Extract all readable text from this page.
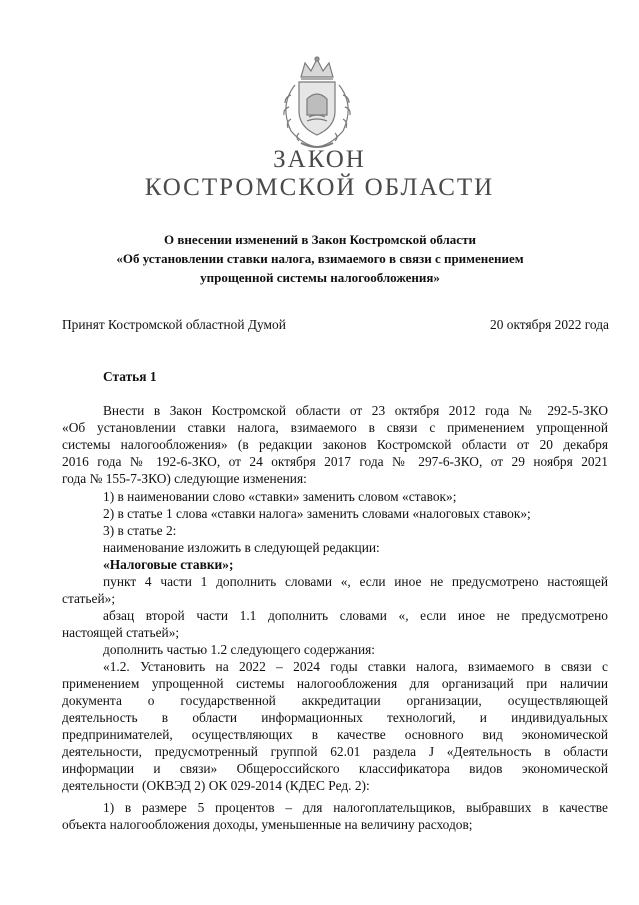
ЗАКОН
КОСТРОМСКОЙ ОБЛАСТИ
О внесении изменений в Закон Костромской области
«Об установлении ставки налога, взимаемого в связи с применением
упрощенной системы налогообложения»
Принят Костромской областной Думой	20 октября 2022 года
Статья 1
Внести в Закон Костромской области от 23 октября 2012 года № 292-5-ЗКО
«Об установлении ставки налога, взимаемого в связи с применением упрощенной
системы налогообложения» (в редакции законов Костромской области от 20 декабря
2016 года № 192-6-ЗКО, от 24 октября 2017 года № 297-6-ЗКО, от 29 ноября 2021
года № 155-7-ЗКО) следующие изменения:
1) в наименовании слово «ставки» заменить словом «ставок»;
2) в статье 1 слова «ставки налога» заменить словами «налоговых ставок»;
3) в статье 2:
наименование изложить в следующей редакции:
«Налоговые ставки»;
пункт 4 части 1 дополнить словами «, если иное не предусмотрено настоящей
статьей»;
абзац второй части 1.1 дополнить словами «, если иное не предусмотрено
настоящей статьей»;
дополнить частью 1.2 следующего содержания:
«1.2. Установить на 2022 – 2024 годы ставки налога, взимаемого в связи с
применением упрощенной системы налогообложения для организаций при наличии
документа о государственной аккредитации организации, осуществляющей
деятельность в области информационных технологий, и индивидуальных
предпринимателей, осуществляющих в качестве основного вид экономической
деятельности, предусмотренный группой 62.01 раздела J «Деятельность в области
информации и связи» Общероссийского классификатора видов экономической
деятельности (ОКВЭД 2) ОК 029-2014 (КДЕС Ред. 2):
1) в размере 5 процентов – для налогоплательщиков, выбравших в качестве
объекта налогообложения доходы, уменьшенные на величину расходов;
